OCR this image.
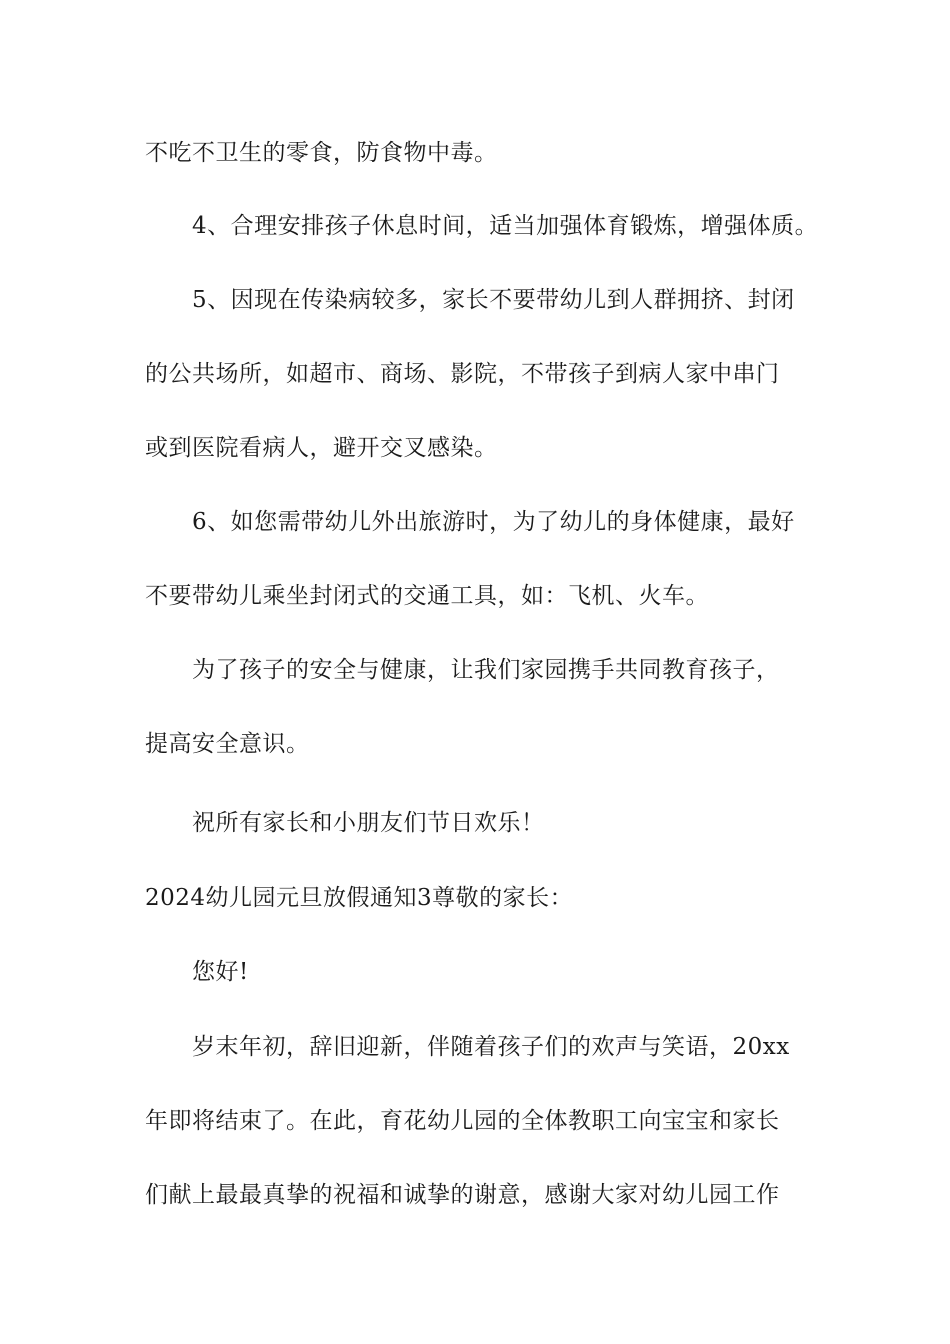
不吃不卫生的零食，防食物中毒。
4、合理安排孩子休息时间，适当加强体育锻炼，增强体质。
5、因现在传染病较多，家长不要带幼儿到人群拥挤、封闭
的公共场所，如超市、商场、影院，不带孩子到病人家中串门
或到医院看病人，避开交叉感染。
6、如您需带幼儿外出旅游时，为了幼儿的身体健康，最好
不要带幼儿乘坐封闭式的交通工具，如：飞机、火车。
为了孩子的安全与健康，让我们家园携手共同教育孩子，
提高安全意识。
祝所有家长和小朋友们节日欢乐！
2024幼儿园元旦放假通知3尊敬的家长：
您好!
岁末年初，辞旧迎新，伴随着孩子们的欢声与笑语，20xx
年即将结束了。在此，育花幼儿园的全体教职工向宝宝和家长
们献上最最真挚的祝福和诚挚的谢意，感谢大家对幼儿园工作
